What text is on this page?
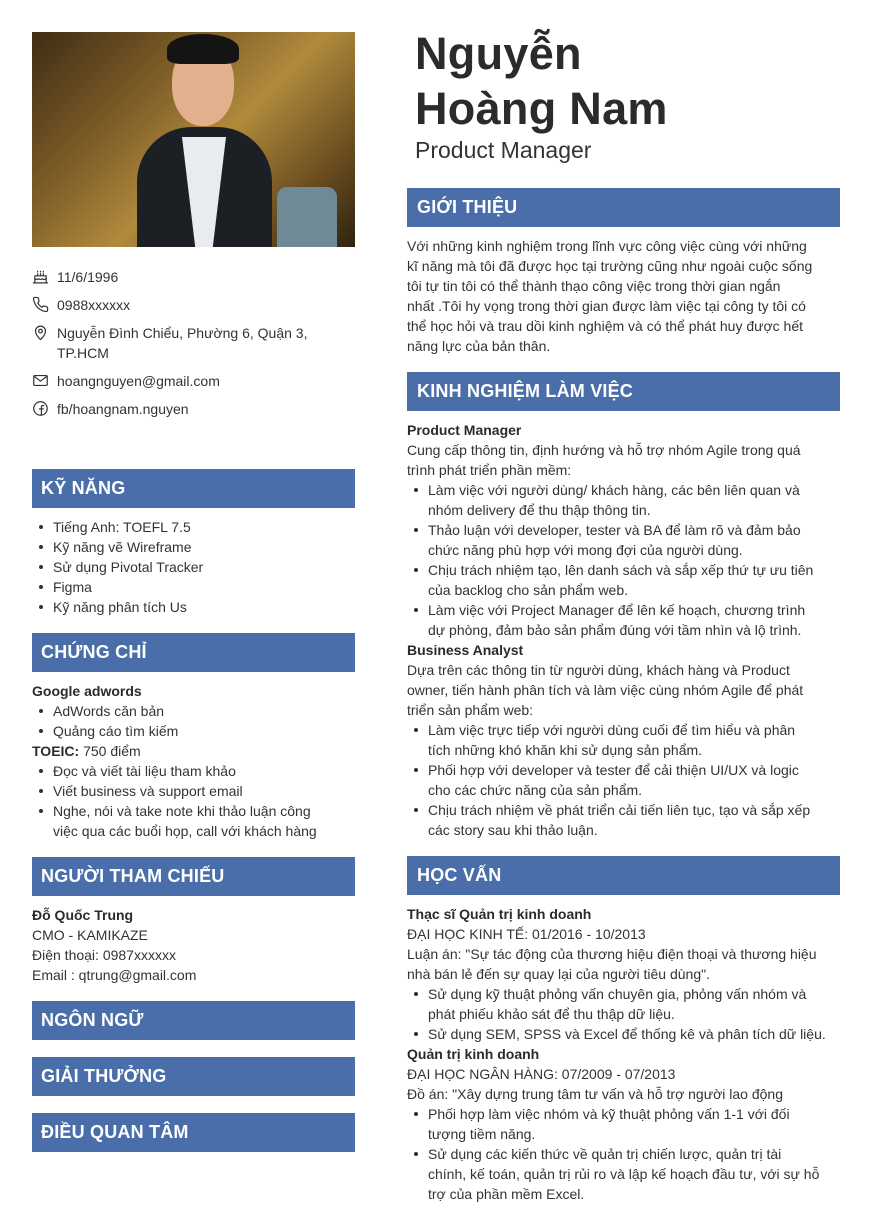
11/6/1996
0988xxxxxx
Nguyễn Đình Chiểu, Phường 6, Quận 3, TP.HCM
hoangnguyen@gmail.com
fb/hoangnam.nguyen
KỸ NĂNG
Tiếng Anh: TOEFL 7.5
Kỹ năng vẽ Wireframe
Sử dụng Pivotal Tracker
Figma
Kỹ năng phân tích Us
CHỨNG CHỈ
Google adwords
AdWords căn bản
Quảng cáo tìm kiếm
TOEIC: 750 điểm
Đọc và viết tài liệu tham khảo
Viết business và support email
Nghe, nói và take note khi thảo luận công việc qua các buổi họp, call với khách hàng
NGƯỜI THAM CHIẾU
Đỗ Quốc Trung
CMO - KAMIKAZE
Điện thoại: 0987xxxxxx
Email : qtrung@gmail.com
NGÔN NGỮ
GIẢI THƯỞNG
ĐIỀU QUAN TÂM
Nguyễn
Hoàng Nam
Product Manager
GIỚI THIỆU
Với những kinh nghiệm trong lĩnh vực công việc cùng với những
kĩ năng mà tôi đã được học tại trường cũng như ngoài cuộc sống
tôi tự tin tôi có thể thành thạo công việc trong thời gian ngắn
nhất .Tôi hy vọng trong thời gian được làm việc tại công ty tôi có
thể học hỏi và trau dồi kinh nghiệm và có thể phát huy được hết
năng lực của bản thân.
KINH NGHIỆM LÀM VIỆC
Product Manager
Cung cấp thông tin, định hướng và hỗ trợ nhóm Agile trong quá
trình phát triển phần mềm:
Làm việc với người dùng/ khách hàng, các bên liên quan và
nhóm delivery để thu thập thông tin.
Thảo luận với developer, tester và BA để làm rõ và đảm bảo
chức năng phù hợp với mong đợi của người dùng.
Chịu trách nhiệm tạo, lên danh sách và sắp xếp thứ tự ưu tiên
của backlog cho sản phẩm web.
Làm việc với Project Manager để lên kế hoạch, chương trình
dự phòng, đảm bảo sản phẩm đúng với tầm nhìn và lộ trình.
Business Analyst
Dựa trên các thông tin từ người dùng, khách hàng và Product
owner, tiến hành phân tích và làm việc cùng nhóm Agile để phát
triển sản phẩm web:
Làm việc trực tiếp với người dùng cuối để tìm hiểu và phân
tích những khó khăn khi sử dụng sản phẩm.
Phối hợp với developer và tester để cải thiện UI/UX và logic
cho các chức năng của sản phẩm.
Chịu trách nhiệm về phát triển cải tiến liên tục, tạo và sắp xếp
các story sau khi thảo luận.
HỌC VẤN
Thạc sĩ Quản trị kinh doanh
ĐẠI HỌC KINH TẾ: 01/2016 - 10/2013
Luận án: "Sự tác động của thương hiệu điện thoại và thương hiệu
nhà bán lẻ đến sự quay lại của người tiêu dùng".
Sử dụng kỹ thuật phỏng vấn chuyên gia, phỏng vấn nhóm và
phát phiếu khảo sát để thu thập dữ liệu.
Sử dụng SEM, SPSS và Excel để thống kê và phân tích dữ liệu.
Quản trị kinh doanh
ĐẠI HỌC NGÂN HÀNG: 07/2009 - 07/2013
Đồ án: "Xây dựng trung tâm tư vấn và hỗ trợ người lao động
Phối hợp làm việc nhóm và kỹ thuật phỏng vấn 1-1 với đối
tượng tiềm năng.
Sử dụng các kiến thức về quản trị chiến lược, quản trị tài
chính, kế toán, quản trị rủi ro và lập kế hoạch đầu tư, với sự hỗ
trợ của phần mềm Excel.
